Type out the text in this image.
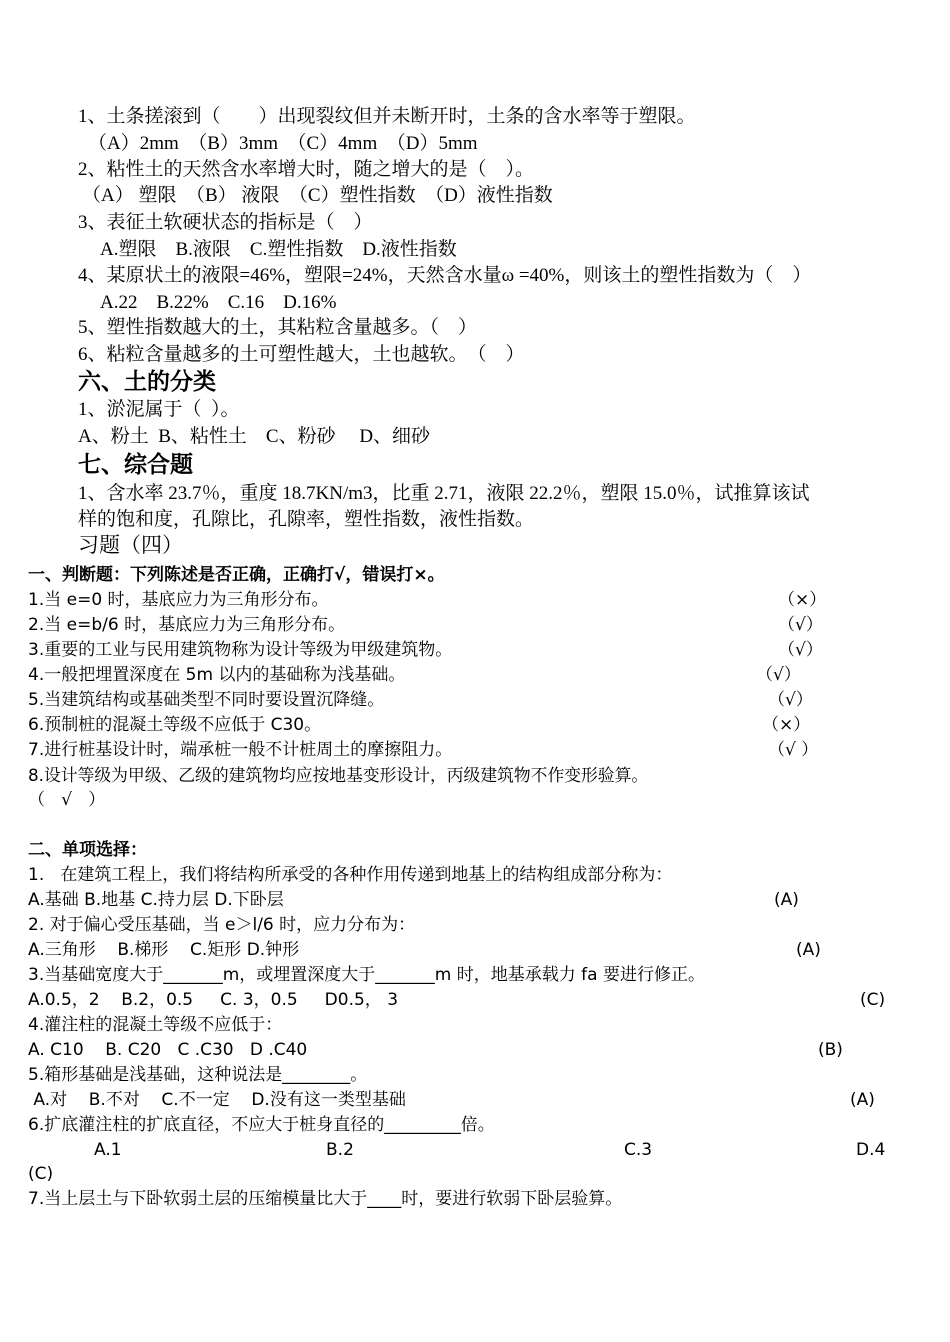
1、土条搓滚到（　　）出现裂纹但并未断开时，土条的含水率等于塑限。
（A）2mm　（B）3mm　（C）4mm　（D）5mm
2、粘性土的天然含水率增大时，随之增大的是（　）。
（A） 塑限　（B） 液限　（C）塑性指数　（D）液性指数
3、表征土软硬状态的指标是（　）
A.塑限　B.液限　C.塑性指数　D.液性指数
4、某原状土的液限=46%，塑限=24%，天然含水量ω =40%，则该土的塑性指数为（　）
A.22　B.22%　C.16　D.16%
5、塑性指数越大的土，其粘粒含量越多。（　）
6、粘粒含量越多的土可塑性越大，土也越软。　（　）
六、土的分类
1、淤泥属于（  ）。
A、粉土  B、粘性土　C、粉砂　 D、细砂
七、综合题
1、含水率 23.7％，重度 18.7KN/m3，比重 2.71，液限 22.2％，塑限 15.0％，试推算该试
样的饱和度，孔隙比，孔隙率，塑性指数，液性指数。
习题（四）
一、判断题：下列陈述是否正确，正确打√，错误打×。
1.当 e=0 时，基底应力为三角形分布。	（×）
2.当 e=b/6 时，基底应力为三角形分布。	（√）
3.重要的工业与民用建筑物称为设计等级为甲级建筑物。	（√）
4.一般把埋置深度在 5m 以内的基础称为浅基础。	（√）
5.当建筑结构或基础类型不同时要设置沉降缝。	（√）
6.预制桩的混凝土等级不应低于 C30。	（×）
7.进行桩基设计时，端承桩一般不计桩周土的摩擦阻力。	（√ ）
8.设计等级为甲级、乙级的建筑物均应按地基变形设计，丙级建筑物不作变形验算。
（   √   ）
二、单项选择：
1.   在建筑工程上，我们将结构所承受的各种作用传递到地基上的结构组成部分称为：
A.基础 B.地基 C.持力层 D.下卧层	(A)
2. 对于偏心受压基础，当 e＞l/6 时，应力分布为：
A.三角形    B.梯形    C.矩形 D.钟形	(A)
3.当基础宽度大于_______m，或埋置深度大于_______m 时，地基承载力 fa 要进行修正。
A.0.5，2    B.2，0.5     C. 3，0.5     D0.5， 3	(C)
4.灌注柱的混凝土等级不应低于：
A. C10    B. C20   C .C30   D .C40	(B)
5.箱形基础是浅基础，这种说法是________。
A.对    B.不对    C.不一定    D.没有这一类型基础	(A)
6.扩底灌注柱的扩底直径，不应大于桩身直径的_________倍。
A.1	B.2	C.3	D.4
(C)
7.当上层土与下卧软弱土层的压缩模量比大于____时，要进行软弱下卧层验算。
